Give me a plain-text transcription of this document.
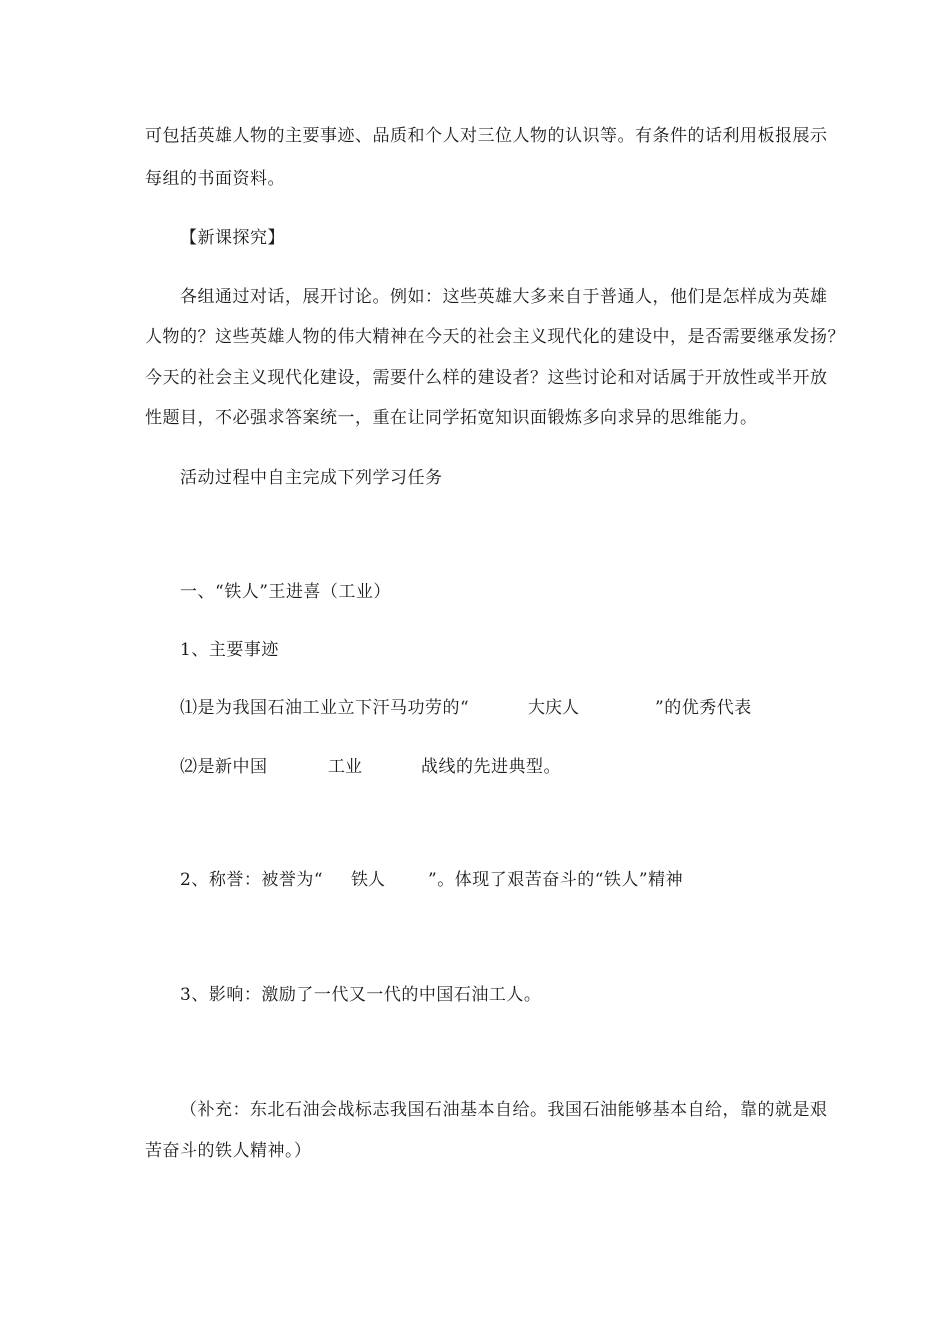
可包括英雄人物的主要事迹、品质和个人对三位人物的认识等。有条件的话利用板报展示
每组的书面资料。
【新课探究】
各组通过对话，展开讨论。例如：这些英雄大多来自于普通人，他们是怎样成为英雄
人物的？这些英雄人物的伟大精神在今天的社会主义现代化的建设中，是否需要继承发扬？
今天的社会主义现代化建设，需要什么样的建设者？这些讨论和对话属于开放性或半开放
性题目，不必强求答案统一，重在让同学拓宽知识面锻炼多向求异的思维能力。
活动过程中自主完成下列学习任务
一、“铁人”王进喜（工业）
1、主要事迹
⑴是为我国石油工业立下汗马功劳的“	大庆人	”的优秀代表
⑵是新中国	工业	战线的先进典型。
2、称誉：被誉为“ 铁人	”。体现了艰苦奋斗的“铁人”精神
3、影响：激励了一代又一代的中国石油工人。
（补充：东北石油会战标志我国石油基本自给。我国石油能够基本自给，靠的就是艰
苦奋斗的铁人精神。）
